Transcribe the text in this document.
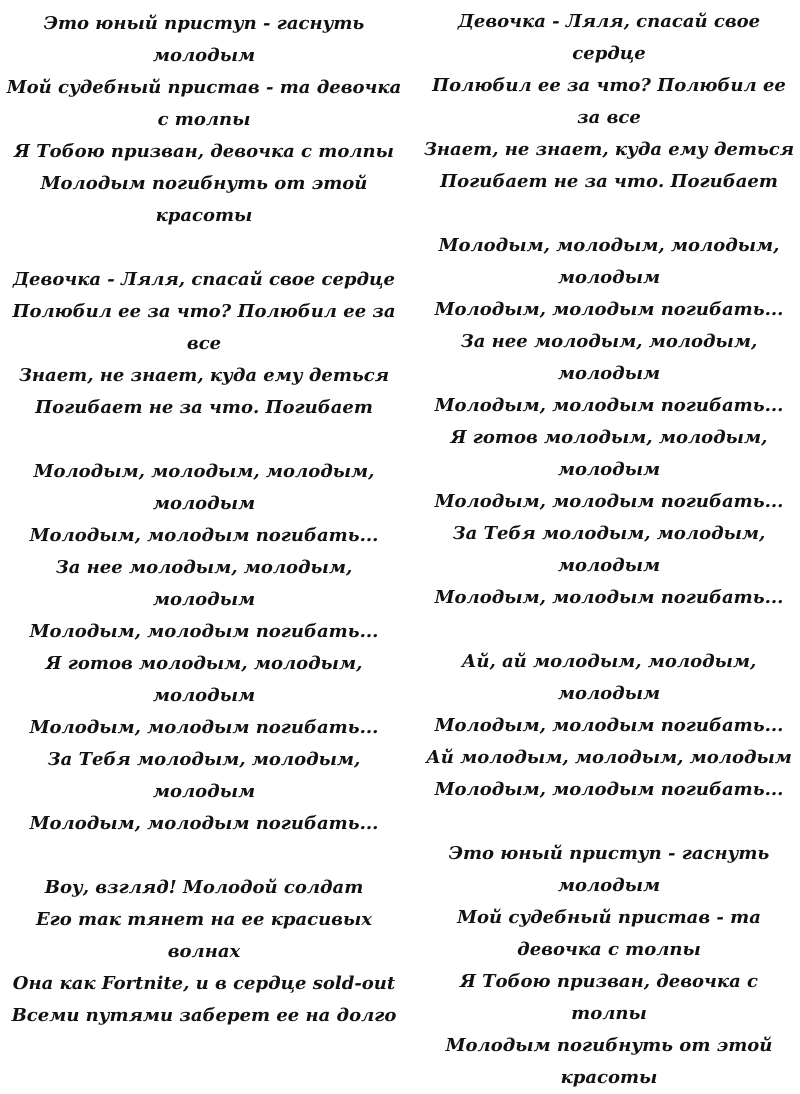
Это юный приступ - гаснуть молодым
Мой судебный пристав - та девочка с толпы
Я Тобою призван, девочка с толпы
Молодым погибнуть от этой красоты
Девочка - Ляля, спасай свое сердце
Полюбил ее за что? Полюбил ее за все
Знает, не знает, куда ему деться
Погибает не за что. Погибает
Молодым, молодым, молодым, молодым
Молодым, молодым погибать...
За нее молодым, молодым, молодым
Молодым, молодым погибать...
Я готов молодым, молодым, молодым
Молодым, молодым погибать...
За Тебя молодым, молодым, молодым
Молодым, молодым погибать...
Воу, взгляд! Молодой солдат
Его так тянет на ее красивых волнах
Она как Fortnite, и в сердце sold-out
Всеми путями заберет ее на долго
Девочка - Ляля, спасай свое сердце
Полюбил ее за что? Полюбил ее за все
Знает, не знает, куда ему деться
Погибает не за что. Погибает
Молодым, молодым, молодым, молодым
Молодым, молодым погибать...
За нее молодым, молодым, молодым
Молодым, молодым погибать...
Я готов молодым, молодым, молодым
Молодым, молодым погибать...
За Тебя молодым, молодым, молодым
Молодым, молодым погибать...
Ай, ай молодым, молодым, молодым
Молодым, молодым погибать...
Ай молодым, молодым, молодым
Молодым, молодым погибать...
Это юный приступ - гаснуть молодым
Мой судебный пристав - та девочка с толпы
Я Тобою призван, девочка с толпы
Молодым погибнуть от этой красоты
